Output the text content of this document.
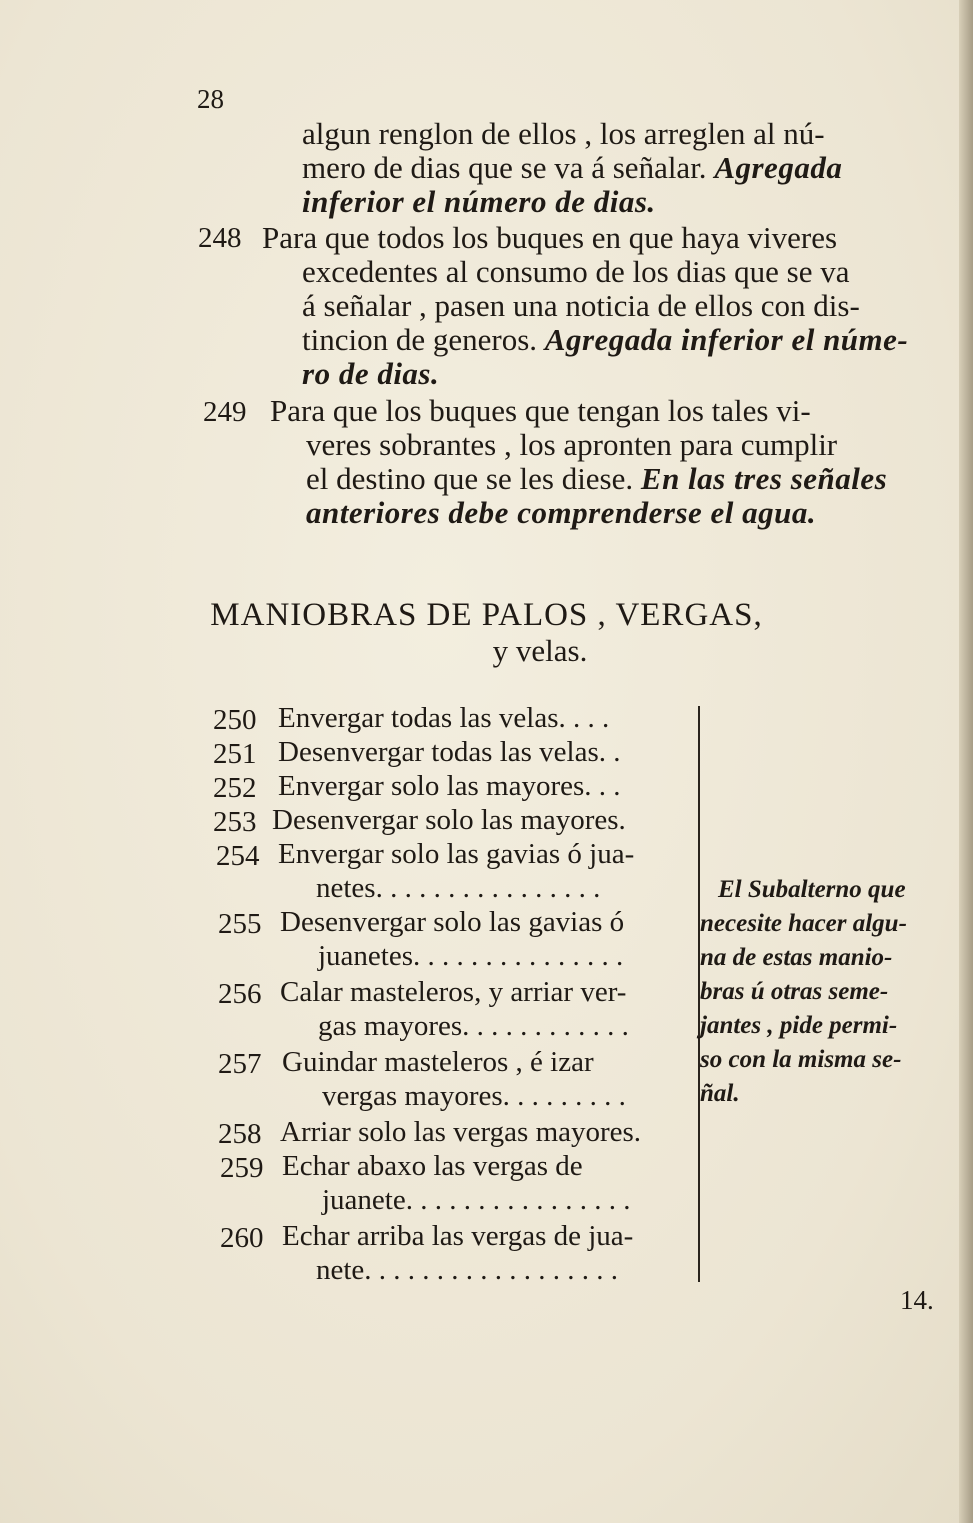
28
algun renglon de ellos , los arreglen al nú-
mero de dias que se va á señalar. Agregada
inferior el número de dias.
248 Para que todos los buques en que haya viveres
excedentes al consumo de los dias que se va
á señalar , pasen una noticia de ellos con dis-
tincion de generos. Agregada inferior el núme-
ro de dias.
249 Para que los buques que tengan los tales vi-
veres sobrantes , los apronten para cumplir
el destino que se les diese. En las tres señales
anteriores debe comprenderse el agua.
MANIOBRAS DE PALOS , VERGAS,
y velas.
250 Envergar todas las velas. . . .
251 Desenvergar todas las velas. .
252 Envergar solo las mayores. . .
253 Desenvergar solo las mayores.
254 Envergar solo las gavias ó jua-
netes. . . . . . . . . . . . . . . .
255 Desenvergar solo las gavias ó
juanetes. . . . . . . . . . . . . . .
256 Calar masteleros, y arriar ver-
gas mayores. . . . . . . . . . . .
257 Guindar masteleros , é izar
vergas mayores. . . . . . . . .
258 Arriar solo las vergas mayores.
259 Echar abaxo las vergas de
juanete. . . . . . . . . . . . . . . .
260 Echar arriba las vergas de jua-
nete. . . . . . . . . . . . . . . . . .
El Subalterno que
necesite hacer algu-
na de estas manio-
bras ú otras seme-
jantes , pide permi-
so con la misma se-
ñal.
14.
